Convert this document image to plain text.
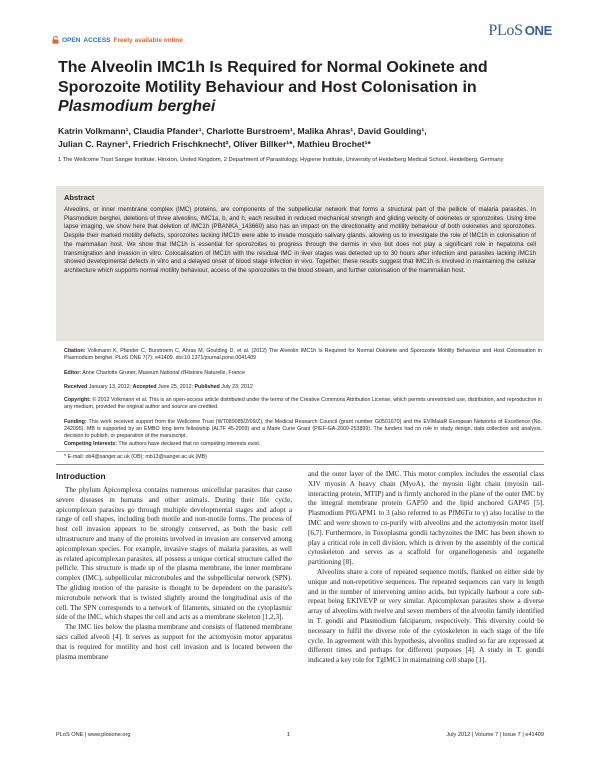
OPEN ACCESS Freely available online
PLoS ONE
The Alveolin IMC1h Is Required for Normal Ookinete and
Sporozoite Motility Behaviour and Host Colonisation in
Plasmodium berghei
Katrin Volkmann¹, Claudia Pfander¹, Charlotte Burstroem¹, Malika Ahras¹, David Goulding¹,
Julian C. Rayner¹, Friedrich Frischknecht², Oliver Billker¹*, Mathieu Brochet¹*
1 The Wellcome Trust Sanger Institute, Hinxton, United Kingdom, 2 Department of Parasitology, Hygiene Institute, University of Heidelberg Medical School, Heidelberg, Germany
Abstract
Alveolins, or inner membrane complex (IMC) proteins, are components of the subpellicular network that forms a structural part of the pellicle of malaria parasites. In Plasmodium berghei, deletions of three alveolins, IMC1a, b, and h, each resulted in reduced mechanical strength and gliding velocity of ookinetes or sporozoites. Using time lapse imaging, we show here that deletion of IMC1h (PBANKA_143660) also has an impact on the directionality and motility behaviour of both ookinetes and sporozoites. Despite their marked motility defects, sporozoites lacking IMC1h were able to invade mosquito salivary glands, allowing us to investigate the role of IMC1h in colonisation of the mammalian host. We show that IMC1h is essential for sporozoites to progress through the dermis in vivo but does not play a significant role in hepatoma cell transmigration and invasion in vitro. Colocalisation of IMC1h with the residual IMC in liver stages was detected up to 30 hours after infection and parasites lacking IMC1h showed developmental defects in vitro and a delayed onset of blood stage infection in vivo. Together, these results suggest that IMC1h is involved in maintaining the cellular architecture which supports normal motility behaviour, access of the sporozoites to the blood stream, and further colonisation of the mammalian host.
Citation: Volkmann K, Pfander C, Burstroem C, Ahras M, Goulding D, et al. (2012) The Alveolin IMC1h Is Required for Normal Ookinete and Sporozoite Motility Behaviour and Host Colonisation in Plasmodium berghei. PLoS ONE 7(7): e41409. doi:10.1371/journal.pone.0041409
Editor: Anne Charlotte Gruner, Museum National d'Histoire Naturelle, France
Received January 13, 2012; Accepted June 25, 2012; Published July 23, 2012
Copyright: © 2012 Volkmann et al. This is an open-access article distributed under the terms of the Creative Commons Attribution License, which permits unrestricted use, distribution, and reproduction in any medium, provided the original author and source are credited.
Funding: This work received support from the Wellcome Trust (WT089085/Z/09/Z), the Medical Research Council (grant number G0501670) and the EVIMalaR European Networks of Excellence (No. 242095). MB is supported by an EMBO long term fellowship (ALTF 45-2009) and a Marie Curie Grant (PIEF-GA-2009-253899). The funders had no role in study design, data collection and analysis, decision to publish, or preparation of the manuscript.
Competing Interests: The authors have declared that no competing interests exist.
* E-mail: ob4@sanger.ac.uk (OB); mb13@sanger.ac.uk (MB)
Introduction

The phylum Apicomplexa contains numerous unicellular parasites that cause severe diseases in humans and other animals. During their life cycle, apicomplexan parasites go through multiple developmental stages and adopt a range of cell shapes, including both motile and non-motile forms. The process of host cell invasion appears to be strongly conserved, as both the basic cell ultrastructure and many of the proteins involved in invasion are conserved among apicomplexan species. For example, invasive stages of malaria parasites, as well as related apicomplexan parasites, all possess a unique cortical structure called the pellicle. This structure is made up of the plasma membrane, the inner membrane complex (IMC), subpellicular microtubules and the subpellicular network (SPN). The gliding motion of the parasite is thought to be dependent on the parasite's microtubule network that is twisted slightly around the longitudinal axis of the cell. The SPN corresponds to a network of filaments, situated on the cytoplasmic side of the IMC, which shapes the cell and acts as a membrane skeleton [1,2,3].

The IMC lies below the plasma membrane and consists of flattened membrane sacs called alveoli [4]. It serves as support for the actomyosin motor apparatus that is required for motility and host cell invasion and is located between the plasma membrane

and the outer layer of the IMC. This motor complex includes the essential class XIV myosin A heavy chain (MyoA), the myosin light chain (myosin tail-interacting protein, MTIP) and is firmly anchored in the plane of the outer IMC by the integral membrane protein GAP50 and the lipid anchored GAP45 [5]. Plasmodium PfGAPM1 to 3 (also referred to as PfM6Tα to γ) also localise to the IMC and were shown to co-purify with alveolins and the actomyosin motor itself [6,7]. Furthermore, in Toxoplasma gondii tachyzoites the IMC has been shown to play a critical role in cell division, which is driven by the assembly of the cortical cytoskeleton and serves as a scaffold for organellogenesis and organelle partitioning [8].

Alveolins share a core of repeated sequence motifs, flanked on either side by unique and non-repetitive sequences. The repeated sequences can vary in length and in the number of intervening amino acids, but typically harbour a core sub-repeat being EKIVEVP or very similar. Apicomplexan parasites show a diverse array of alveolins with twelve and seven members of the alveolin family identified in T. gondii and Plasmodium falciparum, respectively. This diversity could be necessary to fulfil the diverse role of the cytoskeleton in each stage of the life cycle. In agreement with this hypothesis, alveolins studied so far are expressed at different times and perhaps for different purposes [4]. A study in T. gondii indicated a key role for TgIMC1 in maintaining cell shape [1].

PLoS ONE | www.plosone.org	1	July 2012 | Volume 7 | Issue 7 | e41409
